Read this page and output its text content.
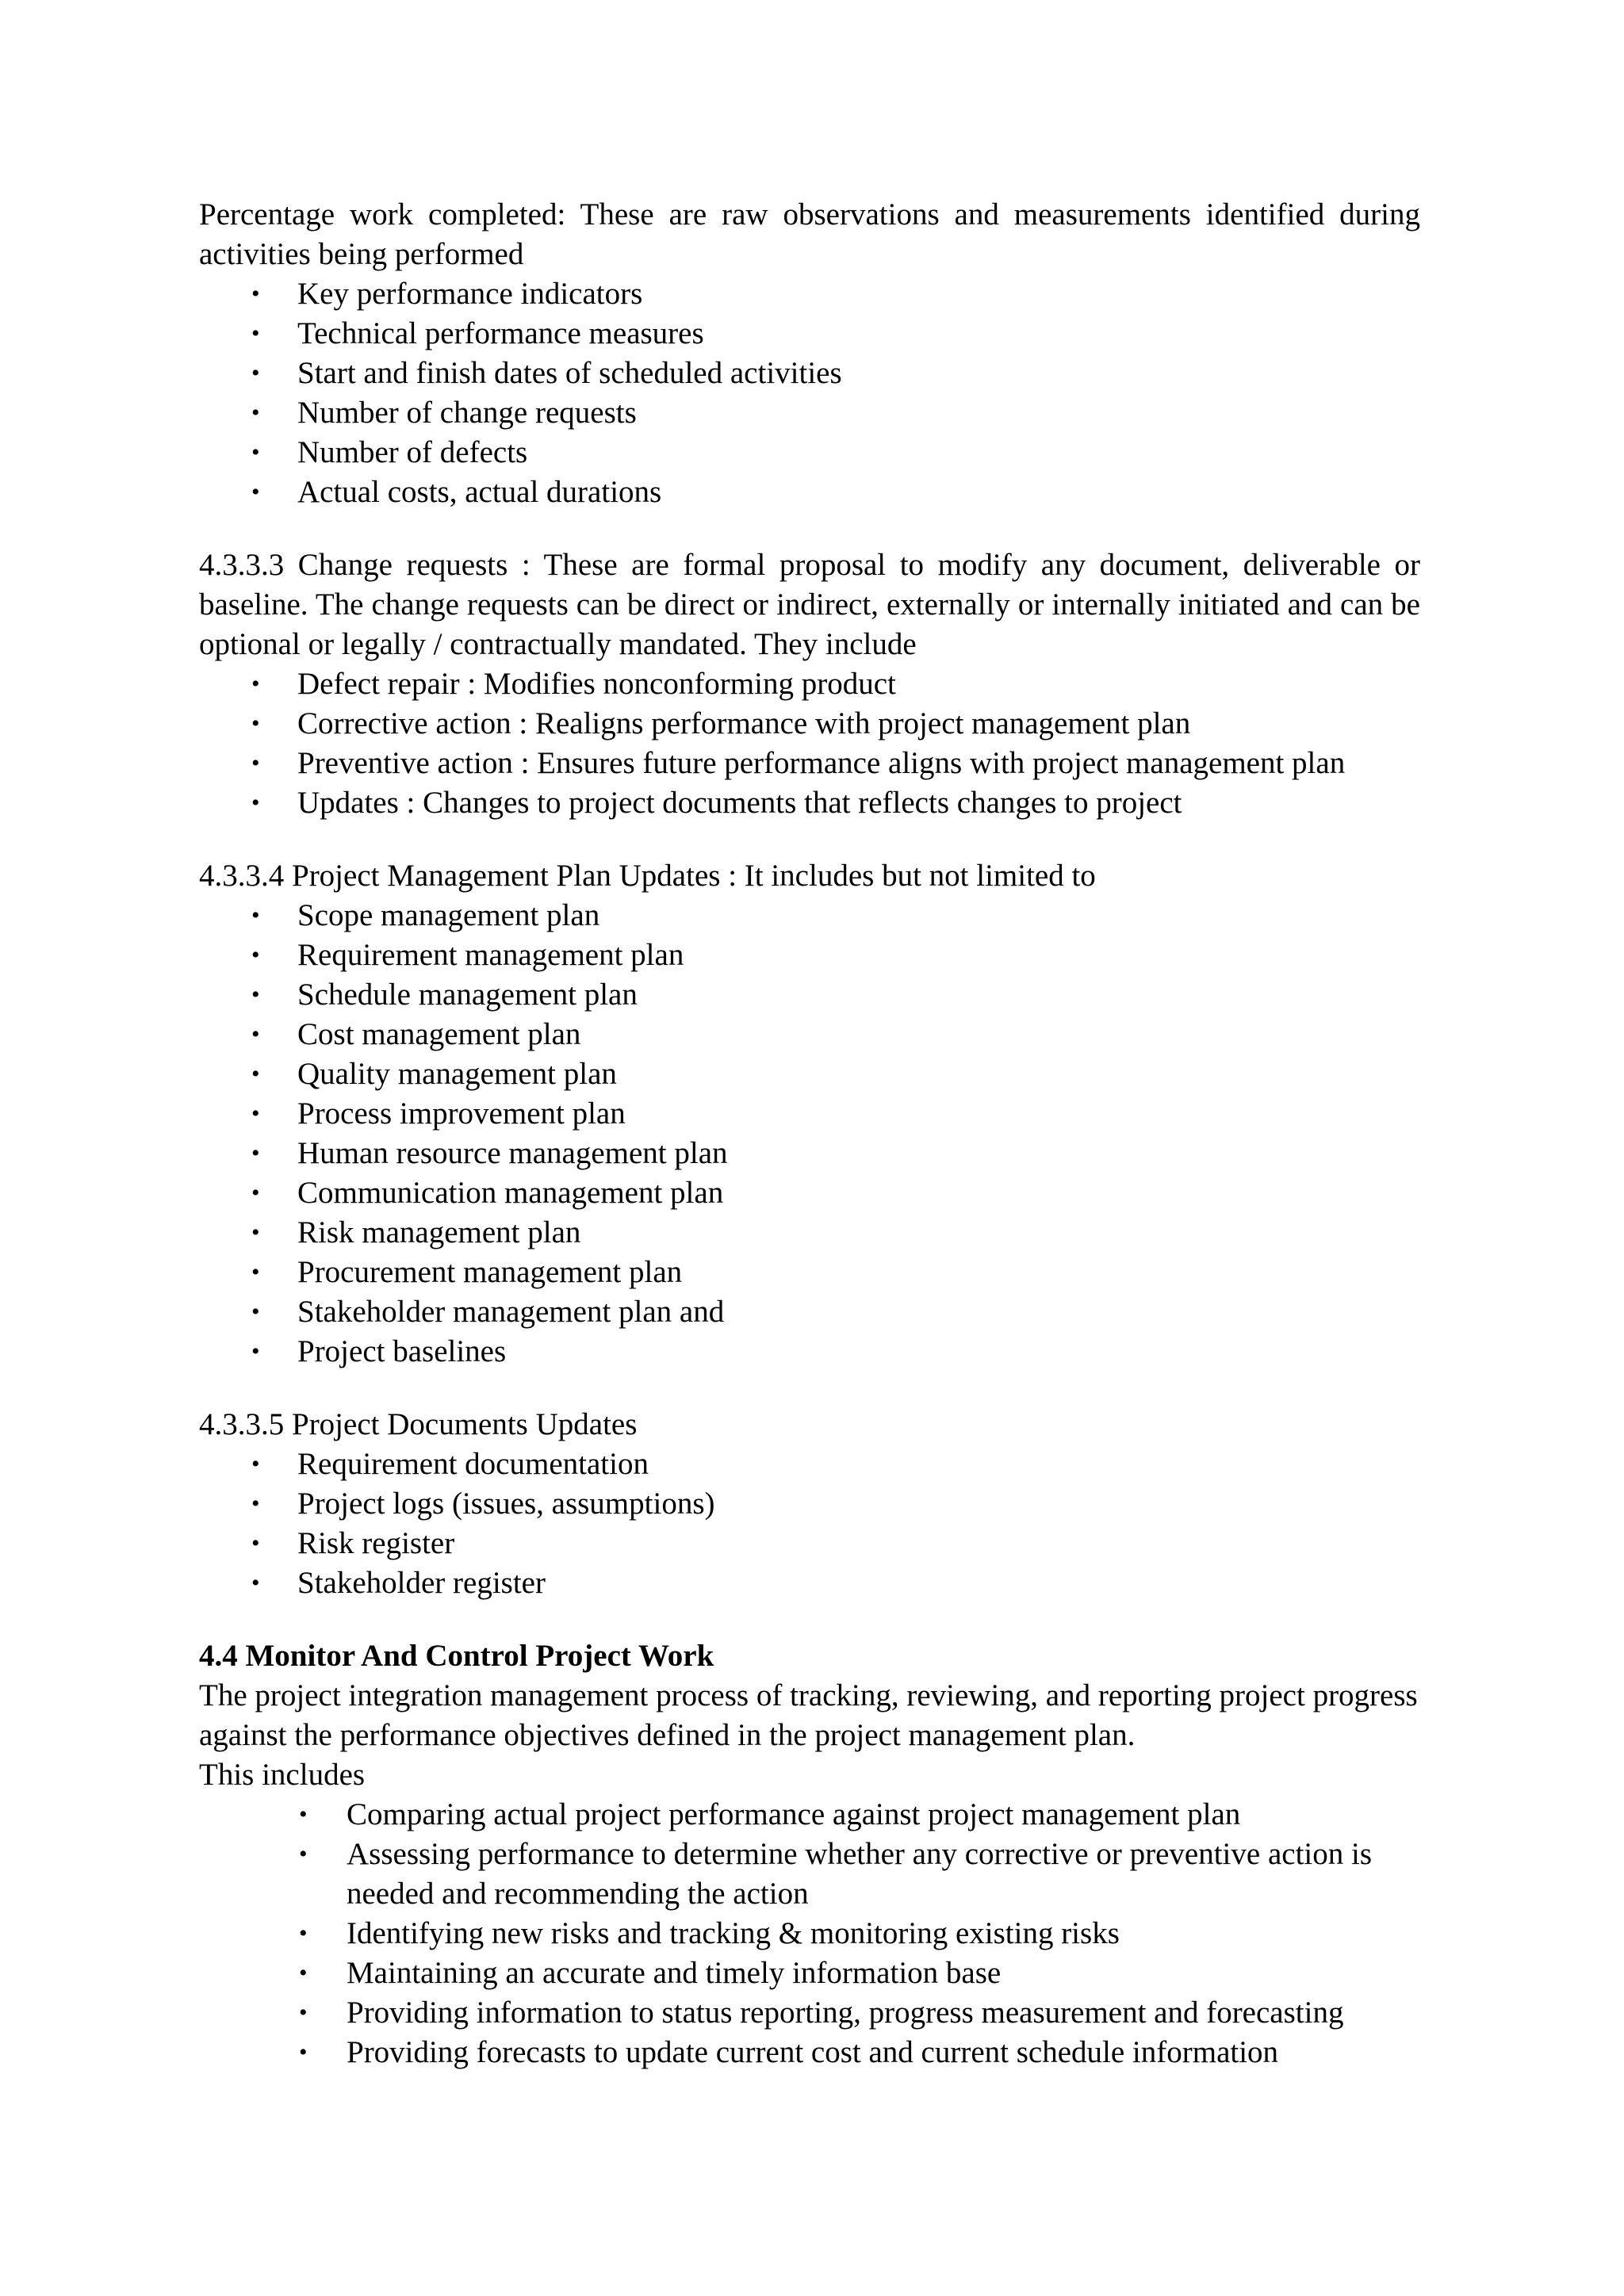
Percentage work completed: These are raw observations and measurements identified during activities being performed

• Key performance indicators
• Technical performance measures
• Start and finish dates of scheduled activities
• Number of change requests
• Number of defects
• Actual costs, actual durations

4.3.3.3 Change requests : These are formal proposal to modify any document, deliverable or baseline. The change requests can be direct or indirect, externally or internally initiated and can be optional or legally / contractually mandated. They include

• Defect repair : Modifies nonconforming product
• Corrective action : Realigns performance with project management plan
• Preventive action : Ensures future performance aligns with project management plan
• Updates : Changes to project documents that reflects changes to project

4.3.3.4 Project Management Plan Updates : It includes but not limited to

• Scope management plan
• Requirement management plan
• Schedule management plan
• Cost management plan
• Quality management plan
• Process improvement plan
• Human resource management plan
• Communication management plan
• Risk management plan
• Procurement management plan
• Stakeholder management plan and
• Project baselines

4.3.3.5 Project Documents Updates

• Requirement documentation
• Project logs (issues, assumptions)
• Risk register
• Stakeholder register

4.4 Monitor And Control Project Work

The project integration management process of tracking, reviewing, and reporting project progress against the performance objectives defined in the project management plan.

This includes

• Comparing actual project performance against project management plan
• Assessing performance to determine whether any corrective or preventive action is needed and recommending the action
• Identifying new risks and tracking & monitoring existing risks
• Maintaining an accurate and timely information base
• Providing information to status reporting, progress measurement and forecasting
• Providing forecasts to update current cost and current schedule information
